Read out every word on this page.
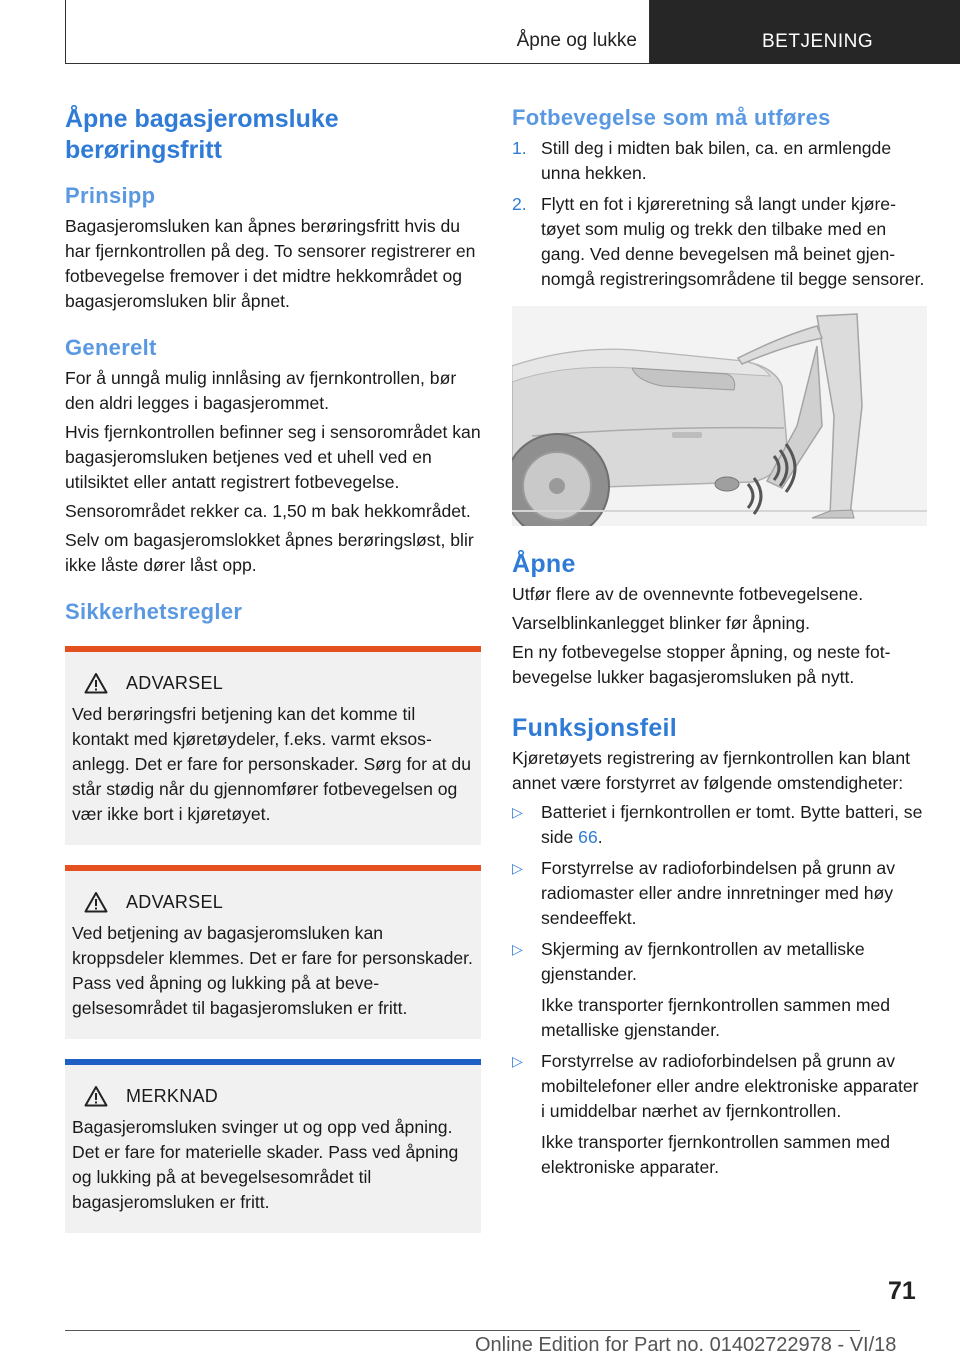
Åpne og lukke	BETJENING
Åpne bagasjeromsluke berøringsfritt
Prinsipp

Bagasjeromsluken kan åpnes berøringsfritt hvis du har fjernkontrollen på deg. To sensorer registrerer en fotbevegelse fremover i det midtre hekkområdet og bagasjeromsluken blir åpnet.

Generelt

For å unngå mulig innlåsing av fjernkontrollen, bør den aldri legges i bagasjerommet.

Hvis fjernkontrollen befinner seg i sensorområdet kan bagasjeromsluken betjenes ved et uhell ved en utilsiktet eller antatt registrert fotbevegelse.

Sensorområdet rekker ca. 1,50 m bak hekkområdet.

Selv om bagasjeromslokket åpnes berøringsløst, blir ikke låste dører låst opp.

Sikkerhetsregler
ADVARSEL

Ved berøringsfri betjening kan det komme til kontakt med kjøretøydeler, f.eks. varmt eksosanlegg. Det er fare for personskader. Sørg for at du står stødig når du gjennomfører fotbevegelsen og vær ikke bort i kjøretøyet.

ADVARSEL

Ved betjening av bagasjeromsluken kan kroppsdeler klemmes. Det er fare for personskader. Pass ved åpning og lukking på at bevegelsesområdet til bagasjeromsluken er fritt.

MERKNAD

Bagasjeromsluken svinger ut og opp ved åpning. Det er fare for materielle skader. Pass ved åpning og lukking på at bevegelsesområdet til bagasjeromsluken er fritt.

Fotbevegelse som må utføres
1. Still deg i midten bak bilen, ca. en armlengde unna hekken.
2. Flytt en fot i kjøreretning så langt under kjøretøyet som mulig og trekk den tilbake med en gang. Ved denne bevegelsen må beinet gjennomgå registreringsområdene til begge sensorer.
Åpne

Utfør flere av de ovennevnte fotbevegelsene.

Varselblinkanlegget blinker før åpning.

En ny fotbevegelse stopper åpning, og neste fotbevegelse lukker bagasjeromsluken på nytt.

Funksjonsfeil

Kjøretøyets registrering av fjernkontrollen kan blant annet være forstyrret av følgende omstendigheter:

▷	Batteriet i fjernkontrollen er tomt. Bytte batteri, se side 66.
▷	Forstyrrelse av radioforbindelsen på grunn av radiomaster eller andre innretninger med høy sendeeffekt.
▷	Skjerming av fjernkontrollen av metalliske gjenstander.
Ikke transporter fjernkontrollen sammen med metalliske gjenstander.
▷	Forstyrrelse av radioforbindelsen på grunn av mobiltelefoner eller andre elektroniske apparater i umiddelbar nærhet av fjernkontrollen.
Ikke transporter fjernkontrollen sammen med elektroniske apparater.
71
Online Edition for Part no. 01402722978 - VI/18
